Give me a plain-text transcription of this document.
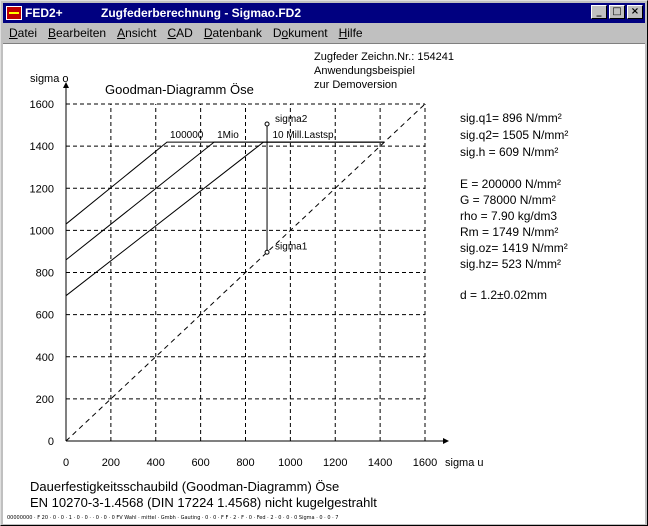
FED2+	Zugfederberechnung - Sigmao.FD2	_	□ ×
Datei Bearbeiten Ansicht CAD Datenbank Dokument Hilfe
0	200 400 600 800 1000 1200 1400 1600
0
200
400
600
800
1000
1200
1400
1600
sigma u
sigma o
Goodman-Diagramm Öse
100000 1Mio	10 Mill.Lastsp.
sigma1
sigma2
Zugfeder Zeichn.Nr.: 154241
Anwendungsbeispiel
zur Demoversion
sig.q1= 896 N/mm²
sig.q2= 1505 N/mm²
sig.h = 609 N/mm²
E = 200000 N/mm²
G = 78000 N/mm²
rho = 7.90 kg/dm3
Rm = 1749 N/mm²
sig.oz= 1419 N/mm²
sig.hz= 523 N/mm²
d = 1.2±0.02mm
Dauerfestigkeitsschaubild (Goodman-Diagramm) Öse
EN 10270-3-1.4568 (DIN 17224 1.4568) nicht kugelgestrahlt
00000000 · F 20 · 0 · 0 · 1 · 0 · 0 · · 0 · 0 · 0 FV Wahl · mittel · Gmbh · Gauting · 0 · 0 · F F · 2 · F · 0 · Fed · 2 · 0 · 0 · 0 Sigma · 0 · 0 · 7
